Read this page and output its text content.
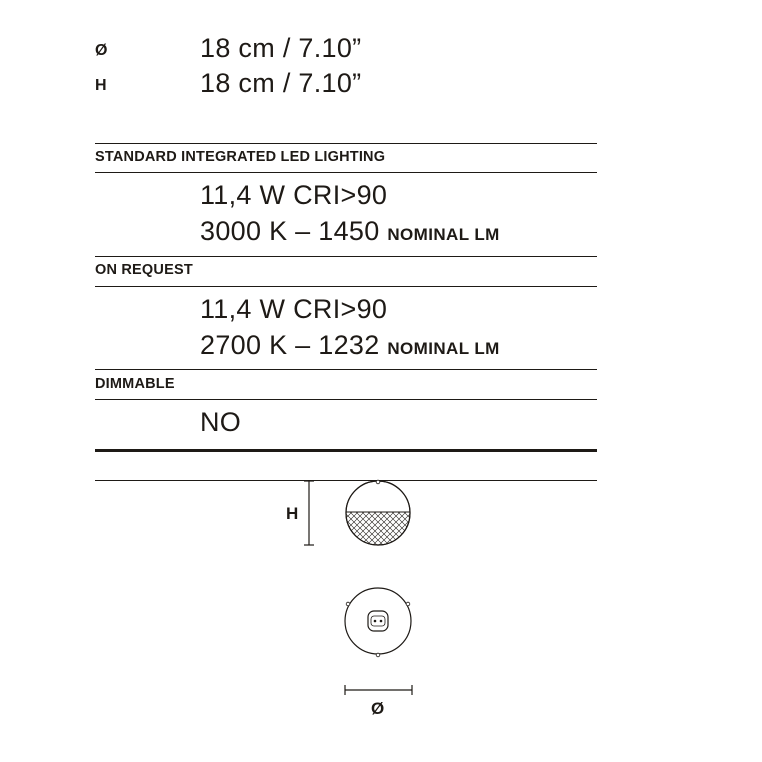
Ø	18 cm / 7.10”
H	18 cm / 7.10”
STANDARD INTEGRATED LED LIGHTING
11,4 W CRI>90
3000 K – 1450 NOMINAL LM
ON REQUEST
11,4 W CRI>90
2700 K – 1232 NOMINAL LM
DIMMABLE
NO
H
Ø
